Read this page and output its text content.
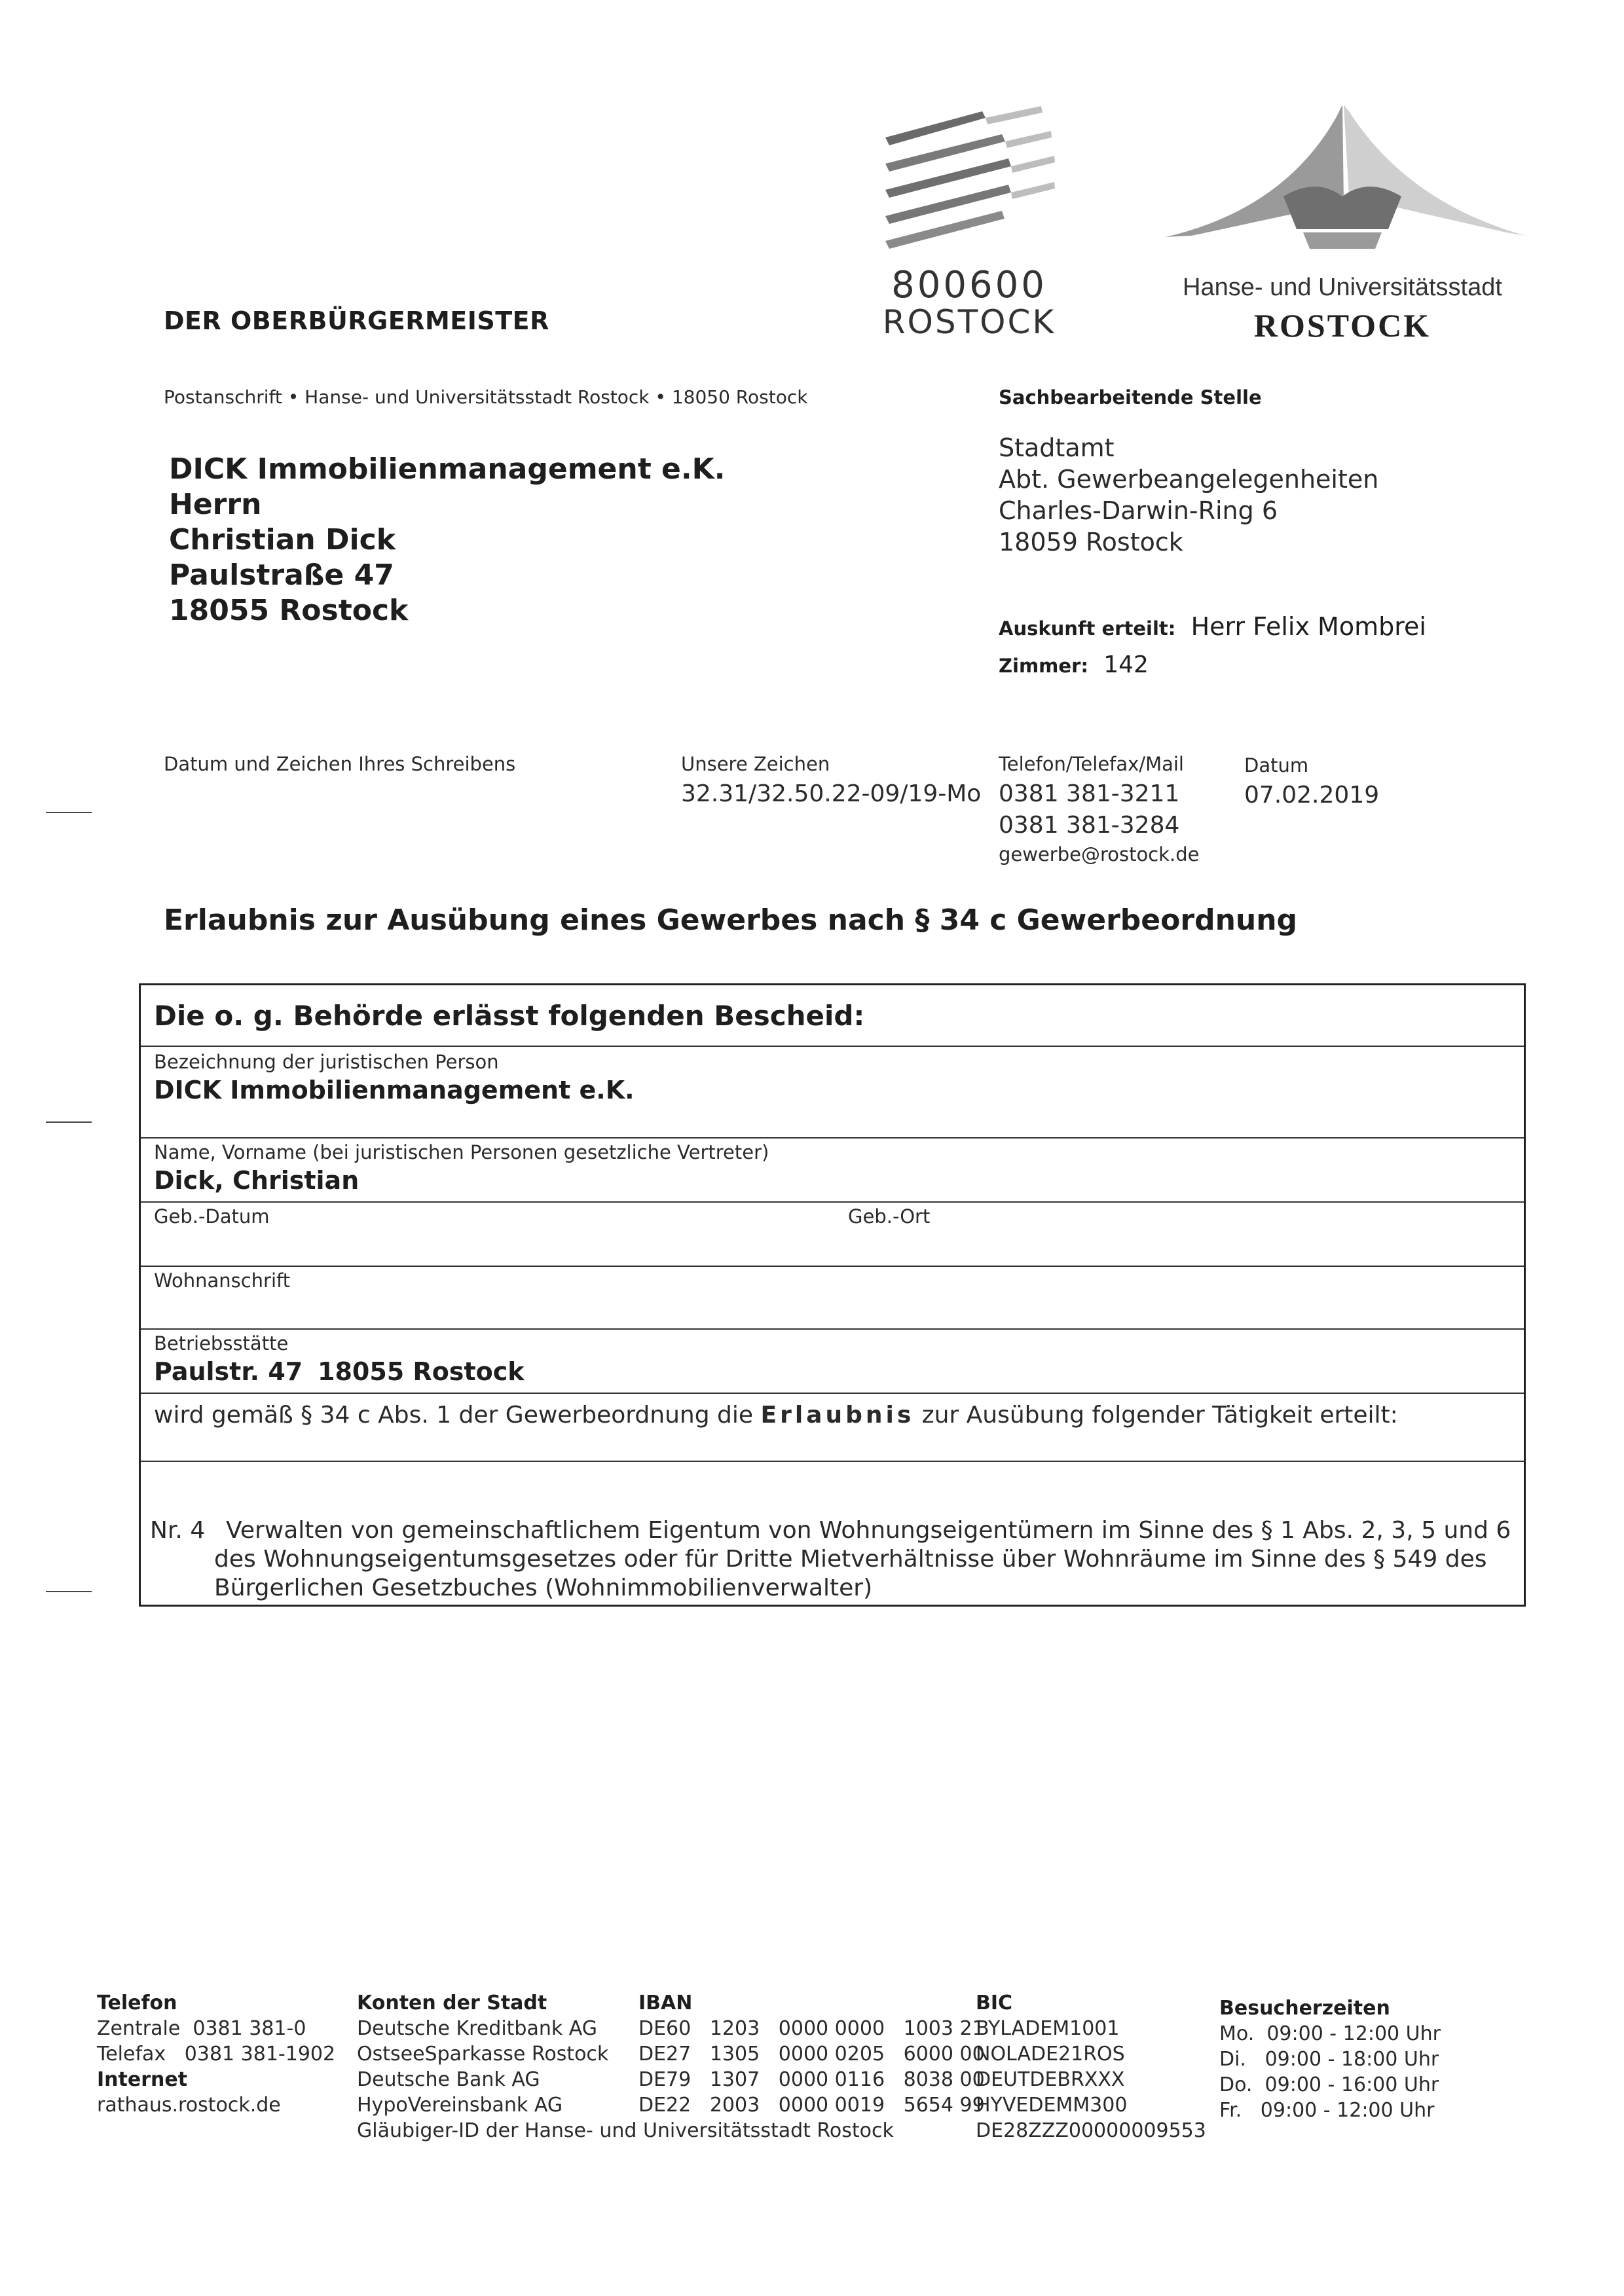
800600
ROSTOCK
Hanse- und Universitätsstadt
ROSTOCK
DER OBERBÜRGERMEISTER
Postanschrift • Hanse- und Universitätsstadt Rostock • 18050 Rostock
DICK Immobilienmanagement e.K.
Herrn
Christian Dick
Paulstraße 47
18055 Rostock
Sachbearbeitende Stelle
Stadtamt
Abt. Gewerbeangelegenheiten
Charles-Darwin-Ring 6
18059 Rostock
Auskunft erteilt: Herr Felix Mombrei
Zimmer: 142
Datum und Zeichen Ihres Schreibens	Unsere Zeichen
32.31/32.50.22-09/19-Mo
Telefon/Telefax/Mail
0381 381-3211
0381 381-3284
gewerbe@rostock.de
Datum
07.02.2019
Erlaubnis zur Ausübung eines Gewerbes nach § 34 c Gewerbeordnung
Die o. g. Behörde erlässt folgenden Bescheid:
Bezeichnung der juristischen Person
DICK Immobilienmanagement e.K.
Name, Vorname (bei juristischen Personen gesetzliche Vertreter)
Dick, Christian
Geb.-Datum	Geb.-Ort
Wohnanschrift
Betriebsstätte
Paulstr. 47 18055 Rostock
wird gemäß § 34 c Abs. 1 der Gewerbeordnung die Erlaubnis zur Ausübung folgender Tätigkeit erteilt:
Nr. 4 Verwalten von gemeinschaftlichem Eigentum von Wohnungseigentümern im Sinne des § 1 Abs. 2, 3, 5 und 6
des Wohnungseigentumsgesetzes oder für Dritte Mietverhältnisse über Wohnräume im Sinne des § 549 des
Bürgerlichen Gesetzbuches (Wohnimmobilienverwalter)
Telefon
Zentrale  0381 381-0
Telefax   0381 381-1902
Internet
rathaus.rostock.de
Konten der Stadt
Deutsche Kreditbank AG
OstseeSparkasse Rostock
Deutsche Bank AG
HypoVereinsbank AG
Gläubiger-ID der Hanse- und Universitätsstadt Rostock
IBAN
DE60   1203   0000 0000   1003 21
DE27   1305   0000 0205   6000 00
DE79   1307   0000 0116   8038 00
DE22   2003   0000 0019   5654 99
BIC
BYLADEM1001
NOLADE21ROS
DEUTDEBRXXX
HYVEDEMM300
DE28ZZZ00000009553
Besucherzeiten
Mo.  09:00 - 12:00 Uhr
Di.   09:00 - 18:00 Uhr
Do.  09:00 - 16:00 Uhr
Fr.   09:00 - 12:00 Uhr
